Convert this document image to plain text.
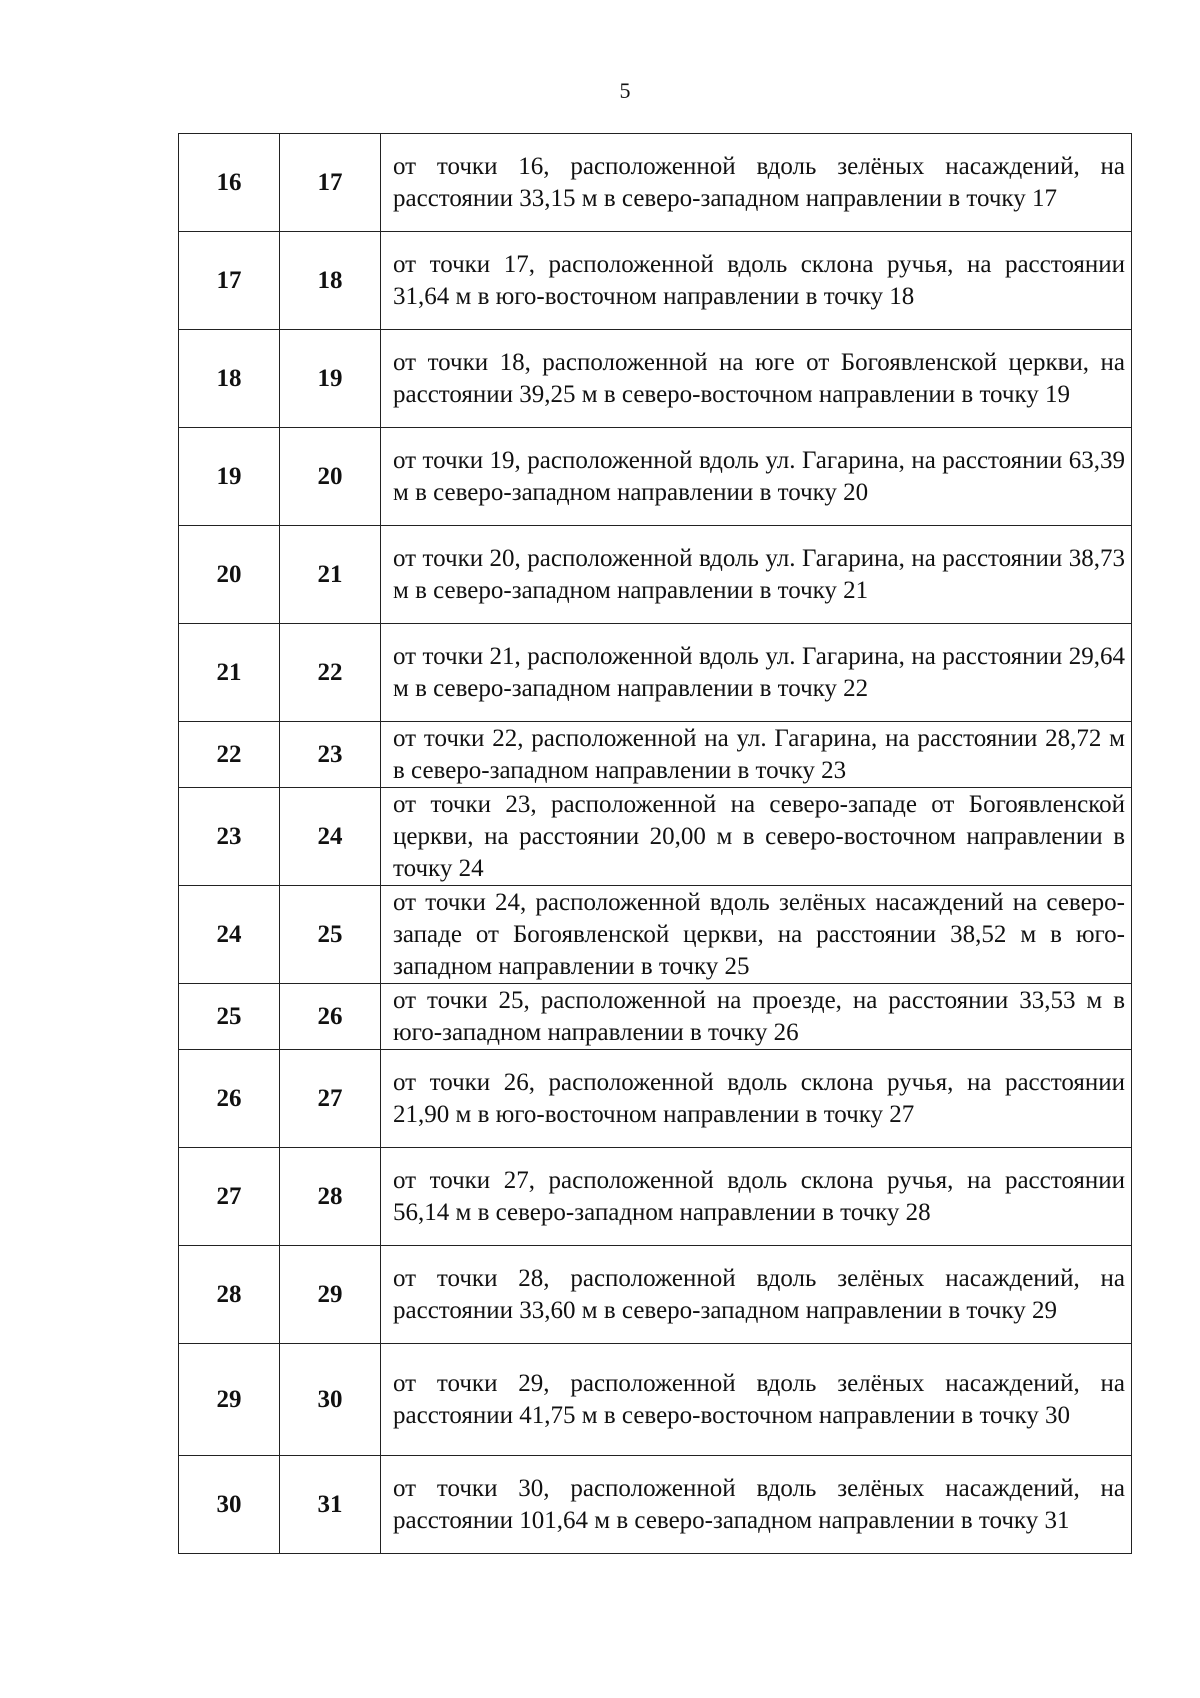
5
16	17	от точки 16, расположенной вдоль зелёных насаждений, на расстоянии 33,15 м в северо-западном направлении в точку 17
17	18	от точки 17, расположенной вдоль склона ручья, на расстоянии 31,64 м в юго-восточном направлении в точку 18
18	19	от точки 18, расположенной на юге от Богоявленской церкви, на расстоянии 39,25 м в северо-восточном направлении в точку 19
19	20	от точки 19, расположенной вдоль ул. Гагарина, на расстоянии 63,39 м в северо-западном направлении в точку 20
20	21	от точки 20, расположенной вдоль ул. Гагарина, на расстоянии 38,73 м в северо-западном направлении в точку 21
21	22	от точки 21, расположенной вдоль ул. Гагарина, на расстоянии 29,64 м в северо-западном направлении в точку 22
22	23	от точки 22, расположенной на ул. Гагарина, на расстоянии 28,72 м в северо-западном направлении в точку 23
23	24	от точки 23, расположенной на северо-западе от Богоявленской церкви, на расстоянии 20,00 м в северо-восточном направлении в точку 24
24	25	от точки 24, расположенной вдоль зелёных насаждений на северо-западе от Богоявленской церкви, на расстоянии 38,52 м в юго-западном направлении в точку 25
25	26	от точки 25, расположенной на проезде, на расстоянии 33,53 м в юго-западном направлении в точку 26
26	27	от точки 26, расположенной вдоль склона ручья, на расстоянии 21,90 м в юго-восточном направлении в точку 27
27	28	от точки 27, расположенной вдоль склона ручья, на расстоянии 56,14 м в северо-западном направлении в точку 28
28	29	от точки 28, расположенной вдоль зелёных насаждений, на расстоянии 33,60 м в северо-западном направлении в точку 29
29	30	от точки 29, расположенной вдоль зелёных насаждений, на расстоянии 41,75 м в северо-восточном направлении в точку 30
30	31	от точки 30, расположенной вдоль зелёных насаждений, на расстоянии 101,64 м в северо-западном направлении в точку 31
